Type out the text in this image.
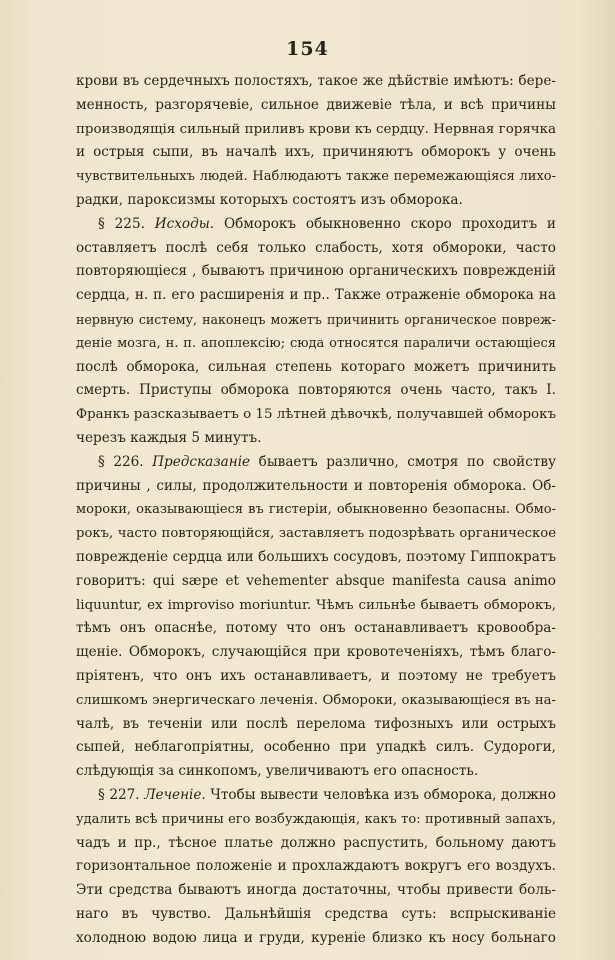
154
крови въ сердечныхъ полостяхъ, такое же дѣйствіе имѣютъ: бере-
менность, разгорячевіе, сильное движевіе тѣла, и всѣ причины
производящія сильный приливъ крови къ сердцу. Нервная горячка
и острыя сыпи, въ началѣ ихъ, причиняютъ обморокъ у очень
чувствительныхъ людей. Наблюдаютъ также перемежающіяся лихо-
радки, пароксизмы которыхъ состоятъ изъ обморока.
§ 225. Исходы. Обморокъ обыкновенно скоро проходитъ и
оставляетъ послѣ себя только слабость, хотя обмороки, часто
повторяющіеся , бываютъ причиною органическихъ поврежденій
сердца, н. п. его расширенія и пр.. Также отраженіе обморока на
нервную систему, наконецъ можетъ причинить органическое повреж-
деніе мозга, н. п. апоплексію; сюда относятся параличи остающіеся
послѣ обморока, сильная степень котораго можетъ причинить
смерть. Приступы обморока повторяются очень часто, такъ I.
Франкъ разсказываетъ о 15 лѣтней дѣвочкѣ, получавшей обморокъ
черезъ каждыя 5 минутъ.
§ 226. Предсказаніе бываетъ различно, смотря по свойству
причины , силы, продолжительности и повторенія обморока. Об-
мороки, оказывающіеся въ гистеріи, обыкновенно безопасны. Обмо-
рокъ, часто повторяющійся, заставляетъ подозрѣвать органическое
поврежденіе сердца или большихъ сосудовъ, поэтому Гиппократъ
говоритъ: qui sæpe et vehementer absque manifesta causa animo
liquuntur, ex improviso moriuntur. Чѣмъ сильнѣе бываетъ обморокъ,
тѣмъ онъ опаснѣе, потому что онъ останавливаетъ кровообра-
щеніе. Обморокъ, случающійся при кровотеченіяхъ, тѣмъ благо-
пріятенъ, что онъ ихъ останавливаетъ, и поэтому не требуетъ
слишкомъ энергическаго леченія. Обмороки, оказывающіеся въ на-
чалѣ, въ теченіи или послѣ перелома тифозныхъ или острыхъ
сыпей, неблагопріятны, особенно при упадкѣ силъ. Судороги,
слѣдующія за синкопомъ, увеличиваютъ его опасность.
§ 227. Леченіе. Чтобы вывести человѣка изъ обморока, должно
удалить всѣ причины его возбуждающія, какъ то: противный запахъ,
чадъ и пр., тѣсное платье должно распустить, больному даютъ
горизонтальное положеніе и прохлаждаютъ вокругъ его воздухъ.
Эти средства бываютъ иногда достаточны, чтобы привести боль-
наго въ чувство. Дальнѣйшія средства суть: вспрыскиваніе
холодною водою лица и груди, куреніе близко къ носу больнаго
